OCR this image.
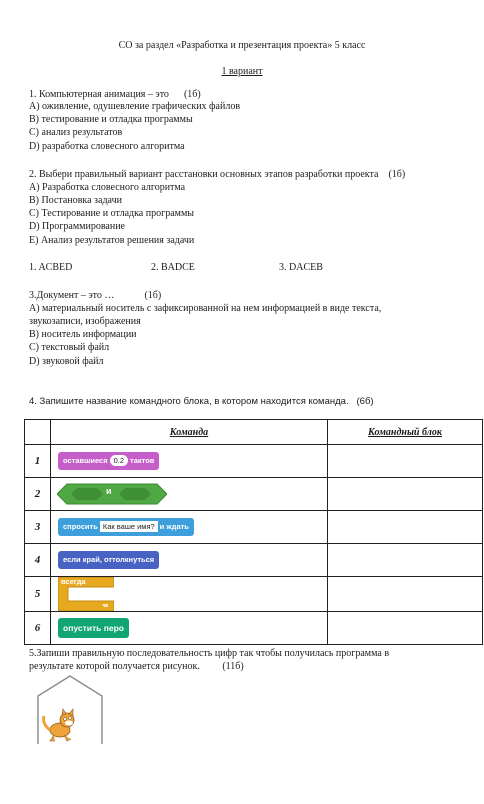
СО за раздел «Разработка и презентация проекта» 5 класс
1 вариант
1. Компьютерная анимация – это (1б)
А) оживление, одушевление графических файлов
В) тестирование и отладка программы
С) анализ результатов
D) разработка словесного алгоритма
2. Выбери правильный вариант расстановки основных этапов разработки проекта (1б)
А) Разработка словесного алгоритма
В) Постановка задачи
С) Тестирование и отладка программы
D) Программирование
Е) Анализ результатов решения задачи
1. ACBED	2. BADCE	3. DACEB
3.Документ – это …	(1б)
А) материальный носитель с зафиксированной на нем информацией в виде текста,
звукозаписи, изображения
В) носитель информации
С) текстовый файл
D) звуковой файл
4. Запишите название командного блока, в котором находится команда. (6б)
	Команда	Командный блок
1	оставшиеся 0.2 тактов	
2	и	

3	спросить Как ваше имя? и ждать	
4	если край, оттолкнуться	
5	всегда	

6	опустить перо	
5.Запиши правильную последовательность цифр так чтобы получилась программа в
результате которой получается рисунок. (11б)
